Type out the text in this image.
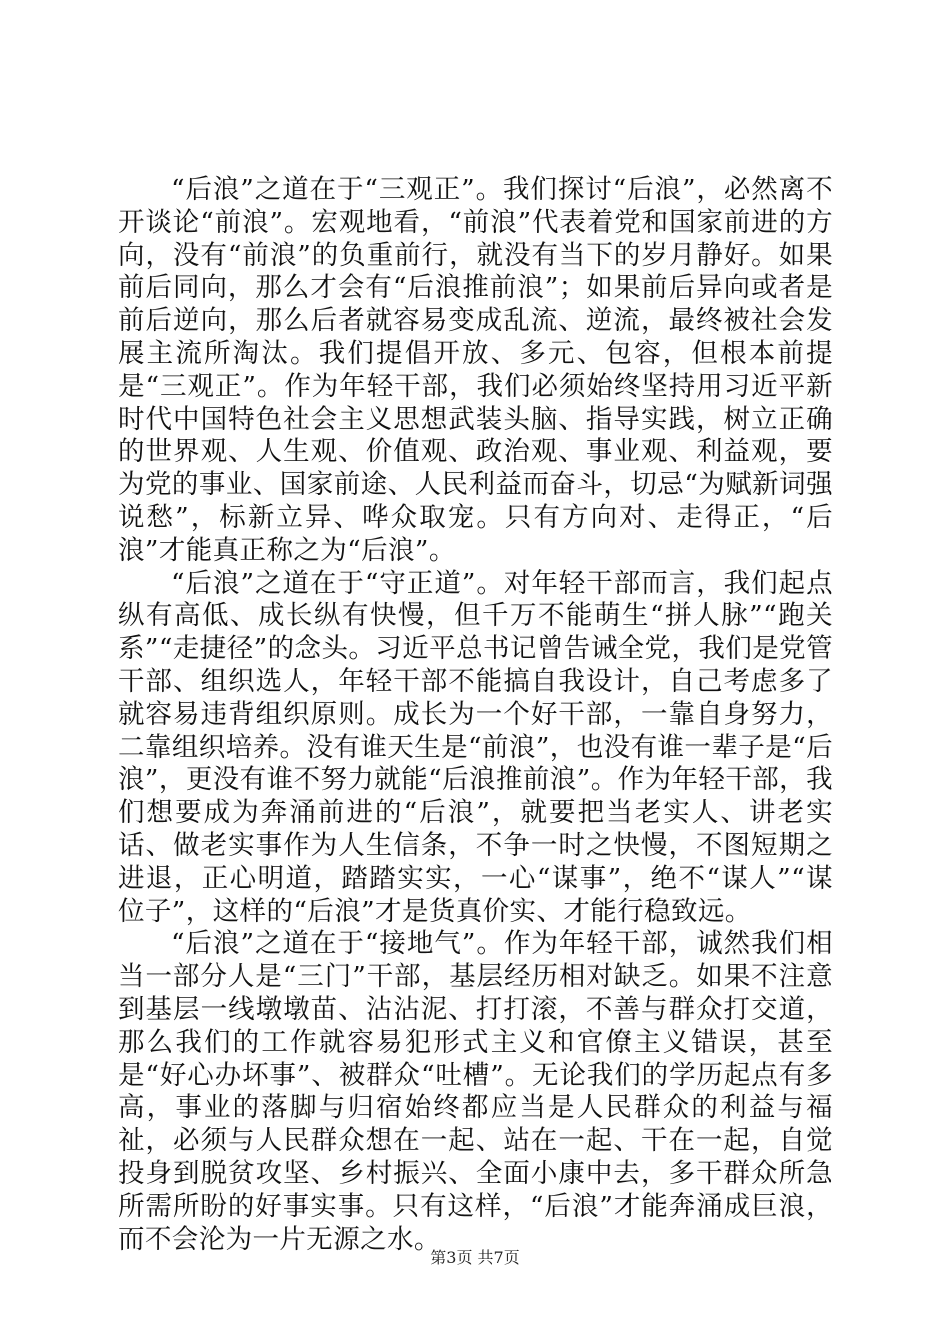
“后浪”之道在于“三观正”。我们探讨“后浪”，必然离不开谈论“前浪”。宏观地看，“前浪”代表着党和国家前进的方向，没有“前浪”的负重前行，就没有当下的岁月静好。如果前后同向，那么才会有“后浪推前浪”；如果前后异向或者是前后逆向，那么后者就容易变成乱流、逆流，最终被社会发展主流所淘汰。我们提倡开放、多元、包容，但根本前提是“三观正”。作为年轻干部，我们必须始终坚持用习近平新时代中国特色社会主义思想武装头脑、指导实践，树立正确的世界观、人生观、价值观、政治观、事业观、利益观，要为党的事业、国家前途、人民利益而奋斗，切忌“为赋新词强说愁”，标新立异、哗众取宠。只有方向对、走得正，“后浪”才能真正称之为“后浪”。

“后浪”之道在于“守正道”。对年轻干部而言，我们起点纵有高低、成长纵有快慢，但千万不能萌生“拼人脉”“跑关系”“走捷径”的念头。习近平总书记曾告诫全党，我们是党管干部、组织选人，年轻干部不能搞自我设计，自己考虑多了就容易违背组织原则。成长为一个好干部，一靠自身努力，二靠组织培养。没有谁天生是“前浪”，也没有谁一辈子是“后浪”，更没有谁不努力就能“后浪推前浪”。作为年轻干部，我们想要成为奔涌前进的“后浪”，就要把当老实人、讲老实话、做老实事作为人生信条，不争一时之快慢，不图短期之进退，正心明道，踏踏实实，一心“谋事”，绝不“谋人”“谋位子”，这样的“后浪”才是货真价实、才能行稳致远。

“后浪”之道在于“接地气”。作为年轻干部，诚然我们相当一部分人是“三门”干部，基层经历相对缺乏。如果不注意到基层一线墩墩苗、沾沾泥、打打滚，不善与群众打交道，那么我们的工作就容易犯形式主义和官僚主义错误，甚至是“好心办坏事”、被群众“吐槽”。无论我们的学历起点有多高，事业的落脚与归宿始终都应当是人民群众的利益与福祉，必须与人民群众想在一起、站在一起、干在一起，自觉投身到脱贫攻坚、乡村振兴、全面小康中去，多干群众所急所需所盼的好事实事。只有这样，“后浪”才能奔涌成巨浪，而不会沦为一片无源之水。

第3页 共7页
